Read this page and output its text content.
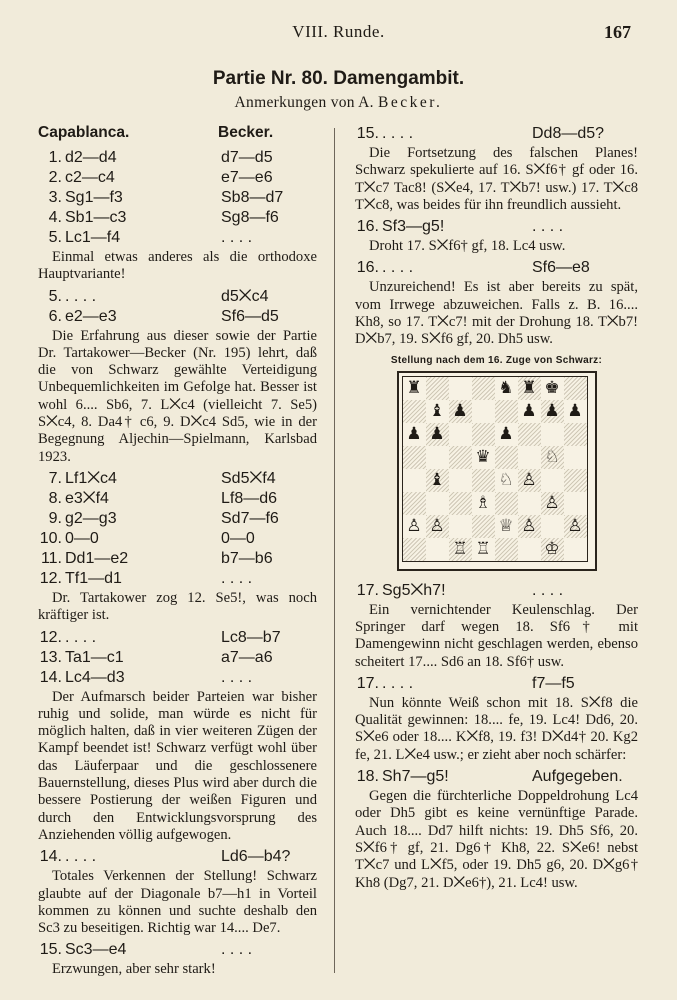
VIII. Runde.	167
Partie Nr. 80. Damengambit.
Anmerkungen von A. Becker.
Capablanca.	Becker.
1. d2—d4	d7—d5
2. c2—c4	e7—e6
3. Sg1—f3	Sb8—d7
4. Sb1—c3	Sg8—f6
5. Lc1—f4	. . . .
Einmal etwas anderes als die orthodoxe Hauptvariante!
5. . . . .	d5⨉c4
6. e2—e3	Sf6—d5
Die Erfahrung aus dieser sowie der Partie Dr. Tartakower—Becker (Nr. 195) lehrt, daß die von Schwarz gewählte Verteidigung Unbequemlichkeiten im Gefolge hat. Besser ist wohl 6.... Sb6, 7. L⨉c4 (vielleicht 7. Se5) S⨉c4, 8. Da4† c6, 9. D⨉c4 Sd5, wie in der Begegnung Aljechin—Spielmann, Karlsbad 1923.
7. Lf1⨉c4	Sd5⨉f4
8. e3⨉f4	Lf8—d6
9. g2—g3	Sd7—f6
10. 0—0	0—0
11. Dd1—e2	b7—b6
12. Tf1—d1	. . . .
Dr. Tartakower zog 12. Se5!, was noch kräftiger ist.
12. . . . .	Lc8—b7
13. Ta1—c1	a7—a6
14. Lc4—d3	. . . .
Der Aufmarsch beider Parteien war bisher ruhig und solide, man würde es nicht für möglich halten, daß in vier weiteren Zügen der Kampf beendet ist! Schwarz verfügt wohl über das Läuferpaar und die geschlossenere Bauernstellung, dieses Plus wird aber durch die bessere Postierung der weißen Figuren und durch den Entwicklungsvorsprung des Anziehenden völlig aufgewogen.
14. . . . .	Ld6—b4?
Totales Verkennen der Stellung! Schwarz glaubte auf der Diagonale b7—h1 in Vorteil kommen zu können und suchte deshalb den Sc3 zu beseitigen. Richtig war 14.... De7.
15. Sc3—e4	. . . .
Erzwungen, aber sehr stark!
15. . . . .	Dd8—d5?
Die Fortsetzung des falschen Planes! Schwarz spekulierte auf 16. S⨉f6† gf oder 16. T⨉c7 Tac8! (S⨉e4, 17. T⨉b7! usw.) 17. T⨉c8 T⨉c8, was beides für ihn freundlich aussieht.
16. Sf3—g5!	. . . .
Droht 17. S⨉f6† gf, 18. Lc4 usw.
16. . . . .	Sf6—e8
Unzureichend! Es ist aber bereits zu spät, vom Irrwege abzuweichen. Falls z. B. 16.... Kh8, so 17. T⨉c7! mit der Drohung 18. T⨉b7! D⨉b7, 19. S⨉f6 gf, 20. Dh5 usw.
Stellung nach dem 16. Zuge von Schwarz:
♜	♞ ♜ ♚
♝ ♟	♟ ♟ ♟
♟ ♟	♟
♛	♘
♝	♘ ♙
♗	♙
♙ ♙	♕ ♙ ♙
♖ ♖	♔
17. Sg5⨉h7!	. . . .
Ein vernichtender Keulenschlag. Der Springer darf wegen 18. Sf6† mit Damengewinn nicht geschlagen werden, ebenso scheitert 17.... Sd6 an 18. Sf6† usw.
17. . . . .	f7—f5
Nun könnte Weiß schon mit 18. S⨉f8 die Qualität gewinnen: 18.... fe, 19. Lc4! Dd6, 20. S⨉e6 oder 18.... K⨉f8, 19. f3! D⨉d4† 20. Kg2 fe, 21. L⨉e4 usw.; er zieht aber noch schärfer:
18. Sh7—g5!	Aufgegeben.
Gegen die fürchterliche Doppeldrohung Lc4 oder Dh5 gibt es keine vernünftige Parade. Auch 18.... Dd7 hilft nichts: 19. Dh5 Sf6, 20. S⨉f6† gf, 21. Dg6† Kh8, 22. S⨉e6! nebst T⨉c7 und L⨉f5, oder 19. Dh5 g6, 20. D⨉g6† Kh8 (Dg7, 21. D⨉e6†), 21. Lc4! usw.
